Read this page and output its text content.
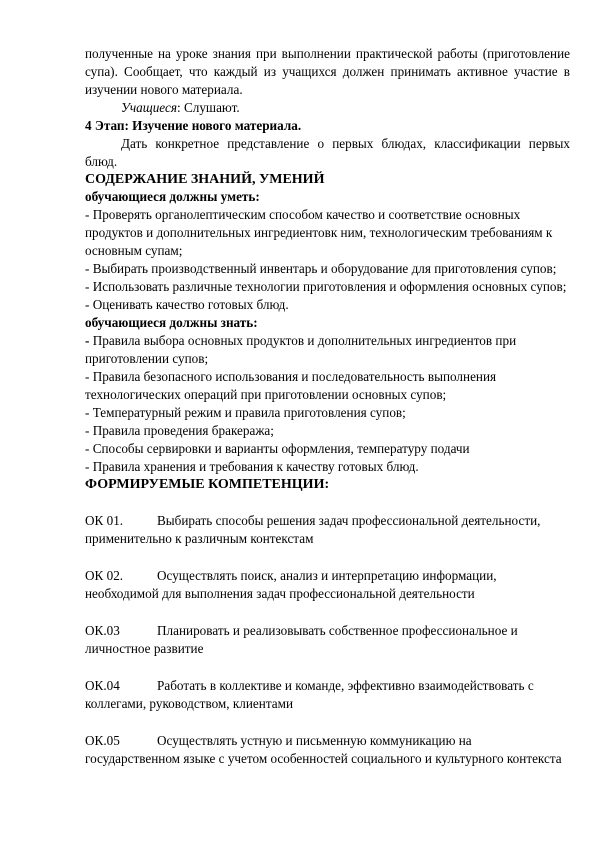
полученные на уроке знания при выполнении практической работы (приготовление супа). Сообщает, что каждый из учащихся должен принимать активное участие в изучении нового материала.

Учащиеся: Слушают.

4 Этап: Изучение нового материала.

Дать конкретное представление о первых блюдах, классификации первых блюд.

СОДЕРЖАНИЕ ЗНАНИЙ, УМЕНИЙ

обучающиеся должны уметь:

- Проверять органолептическим способом качество и соответствие основных продуктов и дополнительных ингредиентовк ним, технологическим требованиям к основным супам;

- Выбирать производственный инвентарь и оборудование для приготовления супов;

- Использовать различные технологии приготовления и оформления основных супов;

- Оценивать качество готовых блюд.

обучающиеся должны знать:

- Правила выбора основных продуктов и дополнительных ингредиентов при приготовлении супов;

- Правила безопасного использования и последовательность выполнения технологических операций при приготовлении основных супов;

- Температурный режим и правила приготовления супов;

- Правила проведения бракеража;

- Способы сервировки и варианты оформления, температуру подачи

- Правила хранения и требования к качеству готовых блюд.

ФОРМИРУЕМЫЕ КОМПЕТЕНЦИИ:

ОК 01.	Выбирать способы решения задач профессиональной деятельности,

применительно к различным контекстам

ОК 02.	Осуществлять поиск, анализ и интерпретацию информации,

необходимой для выполнения задач профессиональной деятельности

ОК.03	Планировать и реализовывать собственное профессиональное и

личностное развитие

ОК.04	Работать в коллективе и команде, эффективно взаимодействовать с

коллегами, руководством, клиентами

ОК.05	Осуществлять устную и письменную коммуникацию на

государственном языке с учетом особенностей социального и культурного контекста
